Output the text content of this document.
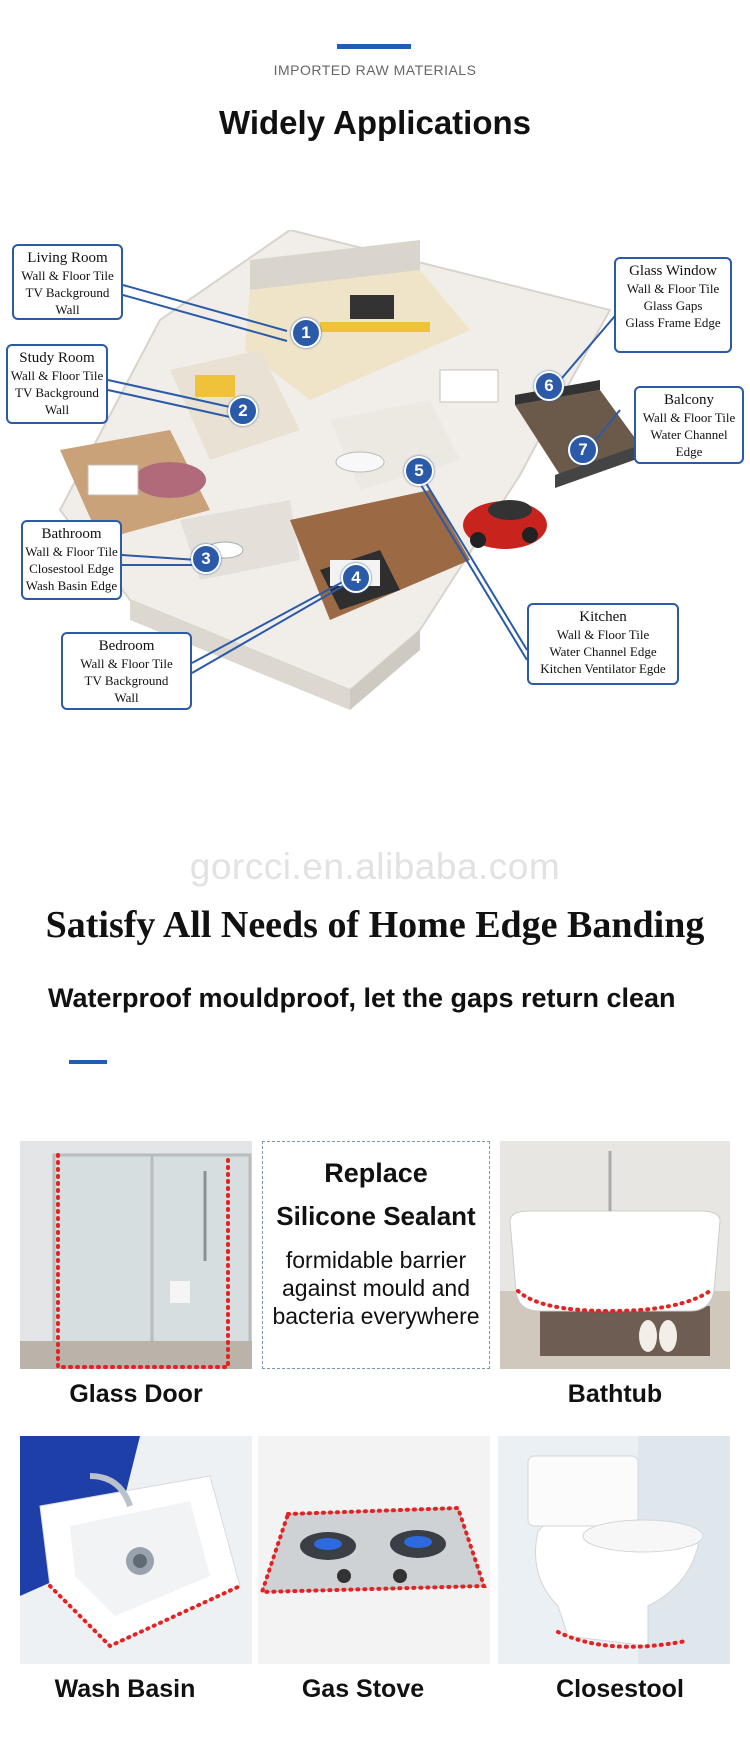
IMPORTED RAW MATERIALS
Widely Applications
Living Room
Wall & Floor Tile
TV Background
Wall
Study Room
Wall & Floor Tile
TV Background
Wall
Bathroom
Wall & Floor Tile
Closestool Edge
Wash Basin Edge
Bedroom
Wall & Floor Tile
TV Background
Wall
Kitchen
Wall & Floor Tile
Water Channel Edge
Kitchen Ventilator Egde
Glass Window
Wall & Floor Tile
Glass Gaps
Glass Frame Edge
Balcony
Wall & Floor Tile
Water Channel
Edge
1
2
3
4
5
6
7
gorcci.en.alibaba.com
Satisfy All Needs of Home Edge Banding
Waterproof mouldproof, let the gaps return clean
Glass Door
Replace
Silicone Sealant
formidable barrier
against mould and
bacteria everywhere
Bathtub
Wash Basin	Gas Stove	Closestool
